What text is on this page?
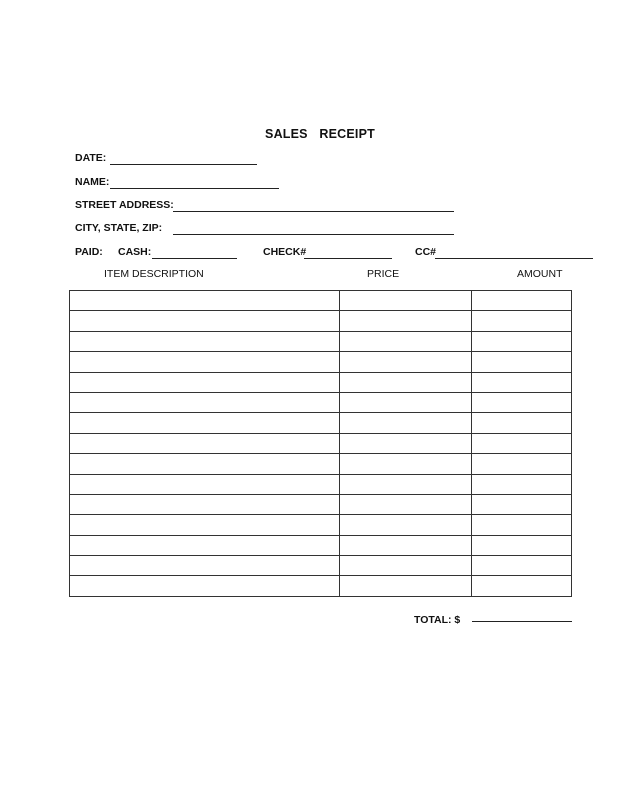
SALES RECEIPT
DATE:
NAME:
STREET ADDRESS:
CITY, STATE, ZIP:
PAID: CASH:	CHECK#	CC#
ITEM DESCRIPTION	PRICE	AMOUNT

TOTAL: $
